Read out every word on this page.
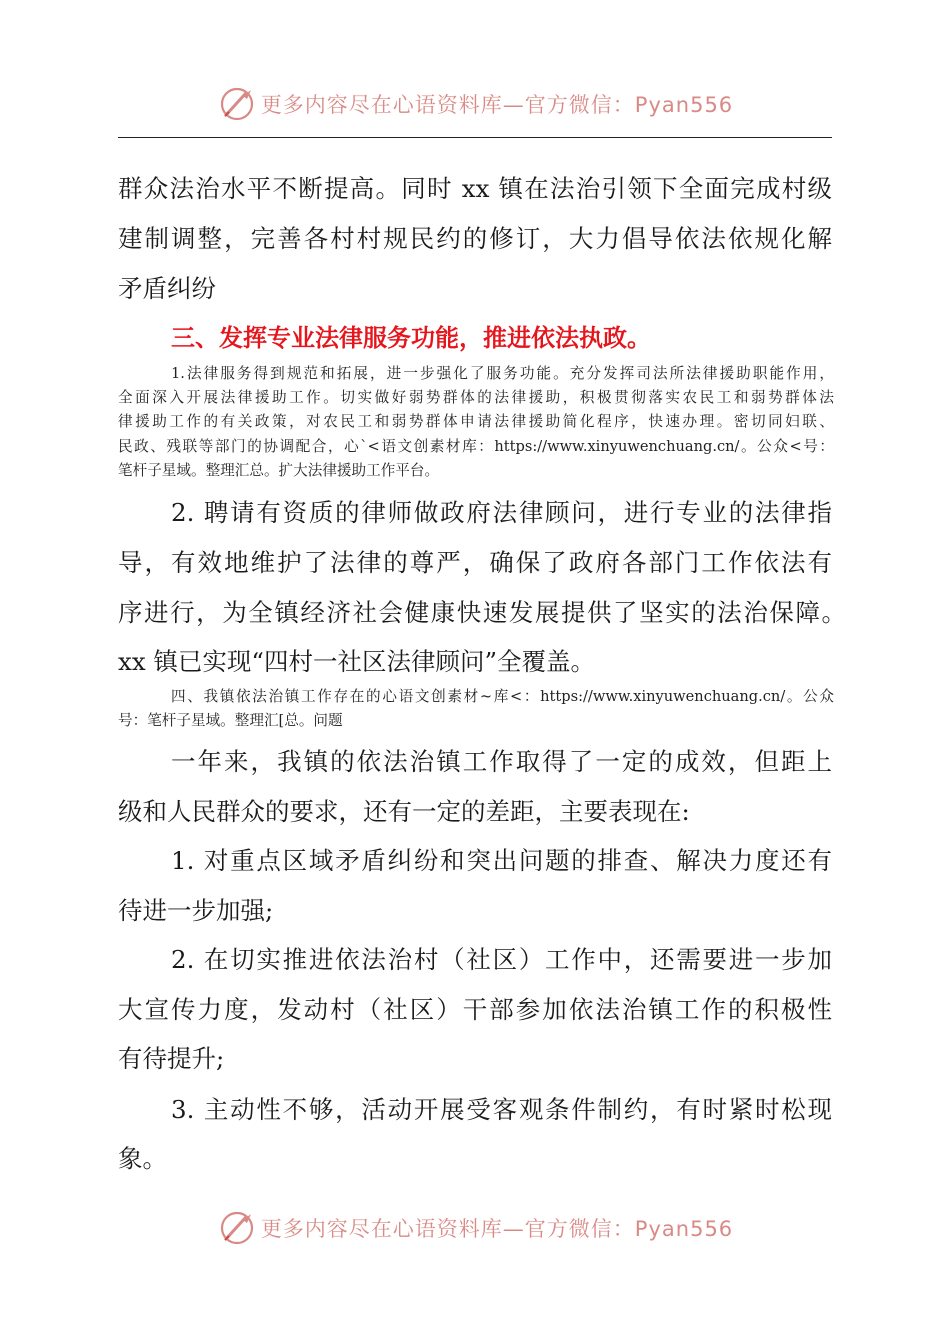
更多内容尽在心语资料库—官方微信：Pyan556
群众法治水平不断提高。同时 xx 镇在法治引领下全面完成村级
建制调整，完善各村村规民约的修订，大力倡导依法依规化解
矛盾纠纷
三、发挥专业法律服务功能，推进依法执政。
1.法律服务得到规范和拓展，进一步强化了服务功能。充分发挥司法所法律援助职能作用，
全面深入开展法律援助工作。切实做好弱势群体的法律援助，积极贯彻落实农民工和弱势群体法
律援助工作的有关政策，对农民工和弱势群体申请法律援助简化程序，快速办理。密切同妇联、
民政、残联等部门的协调配合，心`<语文创素材库：https://www.xinyuwenchuang.cn/。公众<号：
笔杆子星域。整理汇总。扩大法律援助工作平台。
2. 聘请有资质的律师做政府法律顾问，进行专业的法律指
导，有效地维护了法律的尊严，确保了政府各部门工作依法有
序进行，为全镇经济社会健康快速发展提供了坚实的法治保障。
xx 镇已实现“四村一社区法律顾问”全覆盖。
四、我镇依法治镇工作存在的心语文创素材~库<：https://www.xinyuwenchuang.cn/。公众
号：笔杆子星域。整理汇[总。问题
一年来，我镇的依法治镇工作取得了一定的成效，但距上
级和人民群众的要求，还有一定的差距，主要表现在:
1. 对重点区域矛盾纠纷和突出问题的排查、解决力度还有
待进一步加强;
2. 在切实推进依法治村（社区）工作中，还需要进一步加
大宣传力度，发动村（社区）干部参加依法治镇工作的积极性
有待提升;
3. 主动性不够，活动开展受客观条件制约，有时紧时松现
象。
更多内容尽在心语资料库—官方微信：Pyan556
